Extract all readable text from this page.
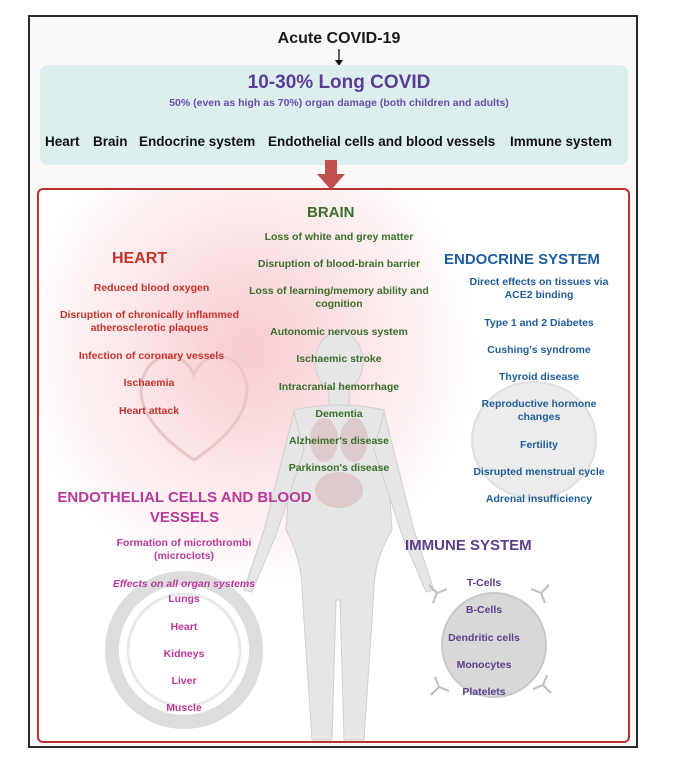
Acute COVID-19
10-30% Long COVID
50% (even as high as 70%) organ damage (both children and adults)
Heart Brain Endocrine system Endothelial cells and blood vessels Immune system
HEART
Reduced blood oxygen
Disruption of chronically inflammed atherosclerotic plaques
Infection of coronary vessels
Ischaemia
Heart attack
BRAIN
Loss of white and grey matter
Disruption of blood-brain barrier
Loss of learning/memory ability and cognition
Autonomic nervous system
Ischaemic stroke
Intracranial hemorrhage
Dementia
Alzheimer's disease
Parkinson's disease
ENDOCRINE SYSTEM
Direct effects on tissues via ACE2 binding
Type 1 and 2 Diabetes
Cushing's syndrome
Thyroid disease
Reproductive hormone changes
Fertility
Disrupted menstrual cycle
Adrenal insufficiency
ENDOTHELIAL CELLS AND BLOOD VESSELS
Formation of microthrombi (microclots)
Effects on all organ systems
Lungs
Heart
Kidneys
Liver
Muscle
IMMUNE SYSTEM
T-Cells
B-Cells
Dendritic cells
Monocytes
Platelets
